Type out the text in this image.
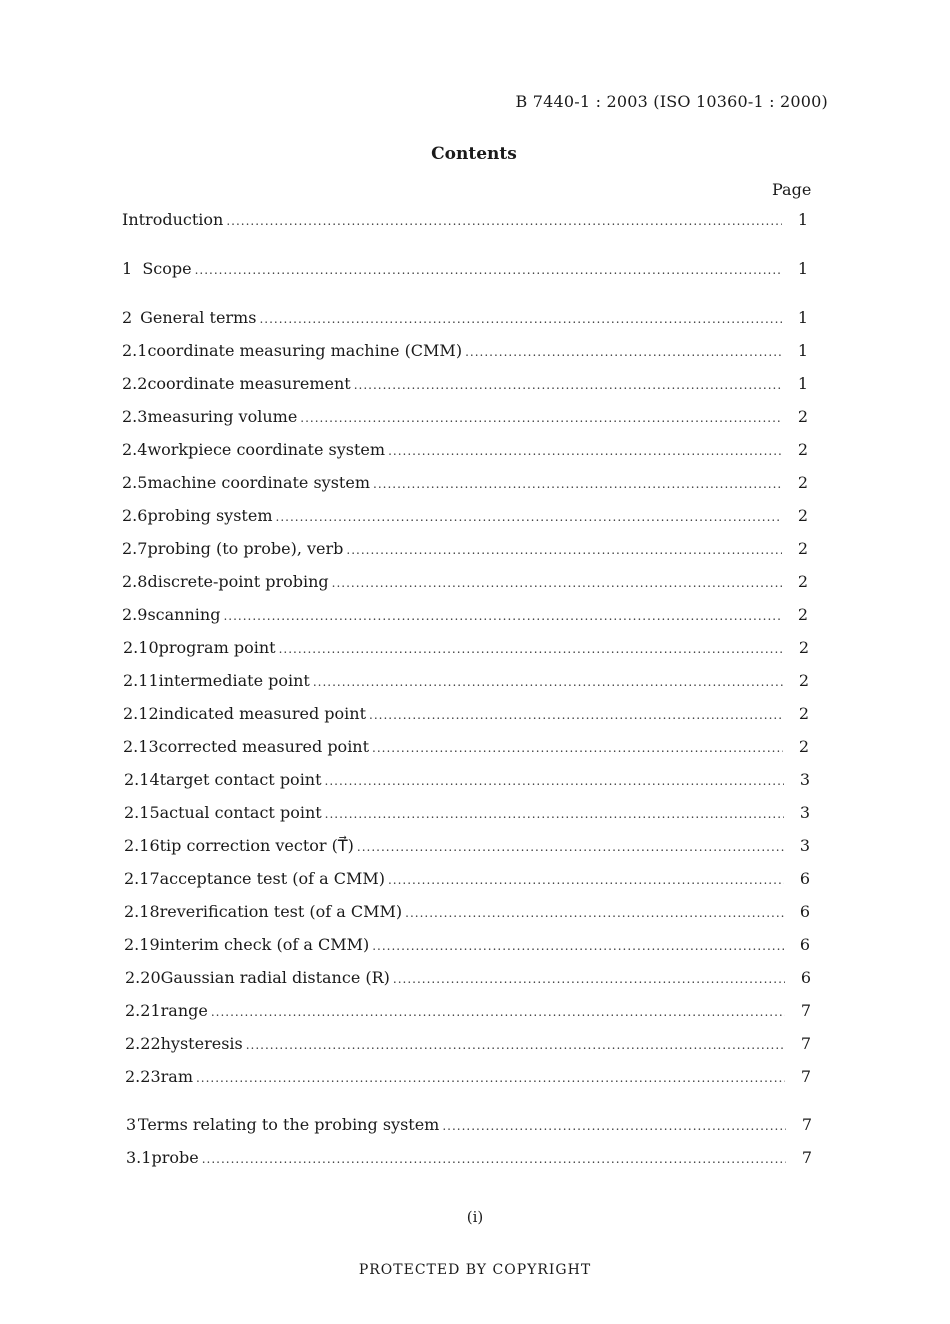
B 7440-1 : 2003 (ISO 10360-1 : 2000)
Contents
Page
Introduction .....	1
1 Scope .....	1
2 General terms .....	1
2.1 coordinate measuring machine (CMM) .....	1
2.2 coordinate measurement .....	1
2.3 measuring volume .....	2
2.4 workpiece coordinate system .....	2
2.5 machine coordinate system .....	2
2.6 probing system .....	2
2.7 probing (to probe), verb .....	2
2.8 discrete-point probing .....	2
2.9 scanning .....	2
2.10 program point .....	2
2.11 intermediate point .....	2
2.12 indicated measured point .....	2
2.13 corrected measured point .....	2
2.14 target contact point .....	3
2.15 actual contact point .....	3
2.16 tip correction vector (T⃗) .....	3
2.17 acceptance test (of a CMM) .....	6
2.18 reverification test (of a CMM) .....	6
2.19 interim check (of a CMM) .....	6
2.20 Gaussian radial distance (R) .....	6
2.21 range .....	7
2.22 hysteresis .....	7
2.23 ram .....	7
3 Terms relating to the probing system .....	7
3.1 probe .....	7
(i)
PROTECTED BY COPYRIGHT
